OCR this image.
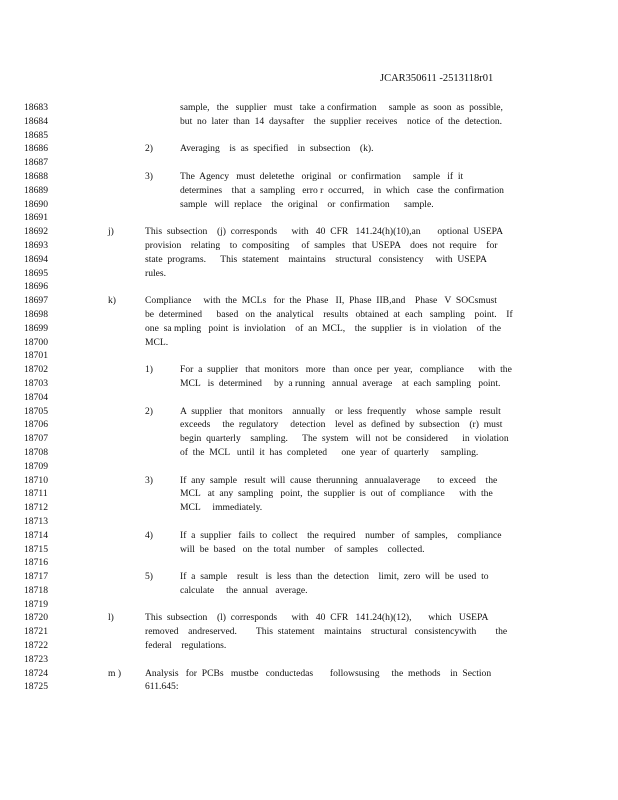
JCAR350611 -2513118r01
18683	sample,   the   supplier   must   take  a confirmation     sample  as  soon  as  possible,
18684	but  no  later  than  14  daysafter    the  supplier  receives    notice  of  the  detection.
18685
18686	2)	Averaging    is  as  specified    in  subsection    (k).
18687
18688	3)	The  Agency   must  deletethe   original   or  confirmation     sample   if  it
18689	determines    that  a  sampling   erro r  occurred,    in  which   case  the  confirmation
18690	sample   will  replace    the  original    or  confirmation      sample.
18691
18692	j)	This  subsection    (j)  corresponds      with   40  CFR   141.24(h)(10),an       optional  USEPA
18693	provision    relating    to  compositing     of  samples   that  USEPA    does  not  require    for
18694	state  programs.      This  statement    maintains    structural   consistency     with  USEPA
18695	rules.
18696
18697	k)	Compliance     with  the  MCLs   for  the  Phase   II,  Phase  IIB,and    Phase   V  SOCsmust
18698	be  determined      based   on  the  analytical    results   obtained  at  each   sampling    point.    If
18699	one  sa mpling   point  is  inviolation    of  an  MCL,    the  supplier   is  in  violation    of  the
18700	MCL.
18701
18702	1)	For  a  supplier   that  monitors   more   than  once  per  year,   compliance      with  the
18703	MCL   is  determined     by  a running   annual  average    at  each  sampling   point.
18704
18705	2)	A  supplier   that  monitors    annually    or  less  frequently    whose  sample   result
18706	exceeds     the  regulatory     detection    level  as  defined  by  subsection    (r)  must
18707	begin  quarterly    sampling.      The  system   will  not  be  considered      in  violation
18708	of  the  MCL   until  it  has  completed      one  year  of  quarterly     sampling.
18709
18710	3)	If  any  sample   result  will  cause  therunning   annualaverage       to  exceed    the
18711	MCL   at  any  sampling   point,  the  supplier  is  out  of  compliance      with  the
18712	MCL     immediately.
18713
18714	4)	If  a  supplier   fails  to  collect    the  required    number   of  samples,    compliance
18715	will  be  based   on  the  total  number    of  samples    collected.
18716
18717	5)	If  a  sample    result   is  less  than  the  detection    limit,  zero  will  be  used  to
18718	calculate     the  annual   average.
18719
18720	l)	This  subsection    (l)  corresponds      with   40  CFR   141.24(h)(12),       which   USEPA
18721	removed    andreserved.        This  statement    maintains    structural   consistencywith        the
18722	federal    regulations.
18723
18724	m ) Analysis   for  PCBs   mustbe   conductedas       followsusing     the  methods    in  Section
18725	611.645:
